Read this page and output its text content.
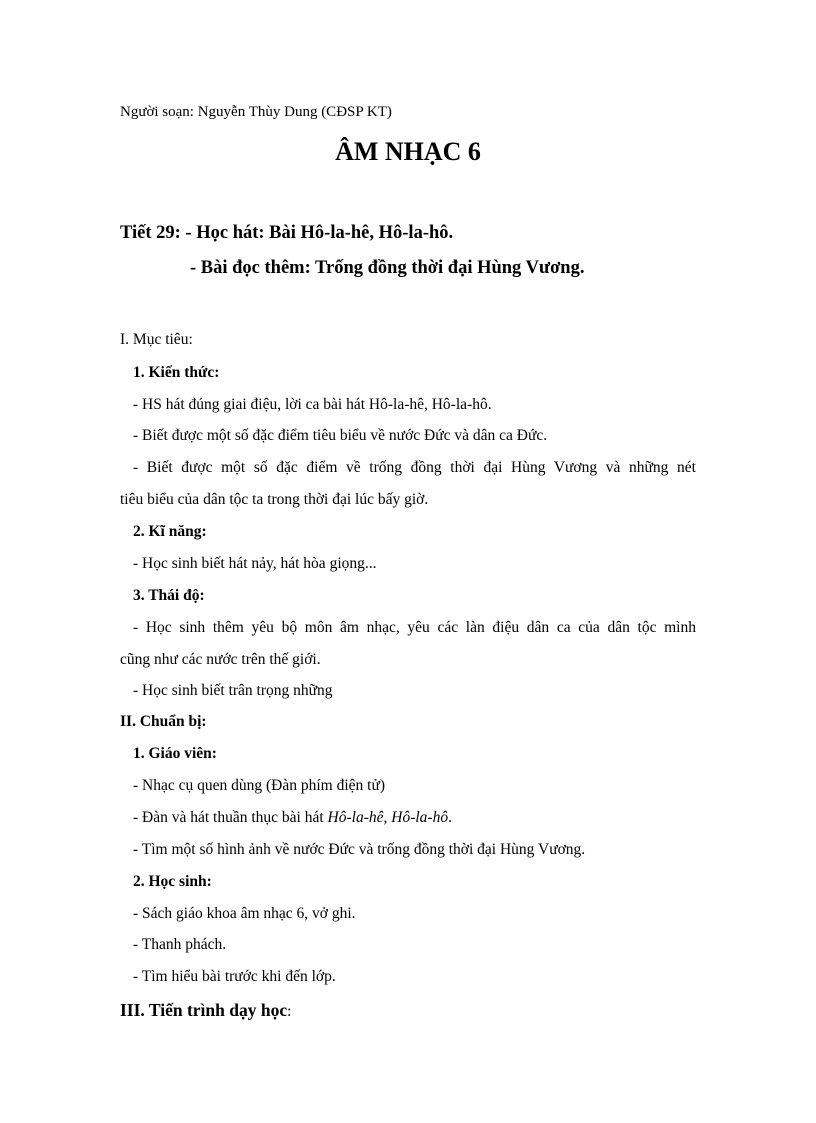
Người soạn: Nguyễn Thùy Dung (CĐSP KT)
ÂM NHẠC 6
Tiết 29: - Học hát: Bài Hô-la-hê, Hô-la-hô.
- Bài đọc thêm: Trống đồng thời đại Hùng Vương.
I. Mục tiêu:
1. Kiến thức:
- HS hát đúng giai điệu, lời ca bài hát Hô-la-hê, Hô-la-hô.
- Biết được một số đặc điểm tiêu biểu về nước Đức và dân ca Đức.
- Biết được một số đặc điểm về trống đồng thời đại Hùng Vương và những nét
tiêu biểu của dân tộc ta trong thời đại lúc bấy giờ.
2. Kĩ năng:
- Học sinh biết hát nảy, hát hòa giọng...
3. Thái độ:
- Học sinh thêm yêu bộ môn âm nhạc, yêu các làn điệu dân ca của dân tộc mình
cũng như các nước trên thế giới.
- Học sinh biết trân trọng những
II. Chuẩn bị:
1. Giáo viên:
- Nhạc cụ quen dùng (Đàn phím điện tử)
- Đàn và hát thuần thục bài hát Hô-la-hê, Hô-la-hô.
- Tìm một số hình ảnh về nước Đức và trống đồng thời đại Hùng Vương.
2. Học sinh:
- Sách giáo khoa âm nhạc 6, vở ghi.
- Thanh phách.
- Tìm hiểu bài trước khi đến lớp.
III. Tiến trình dạy học:
